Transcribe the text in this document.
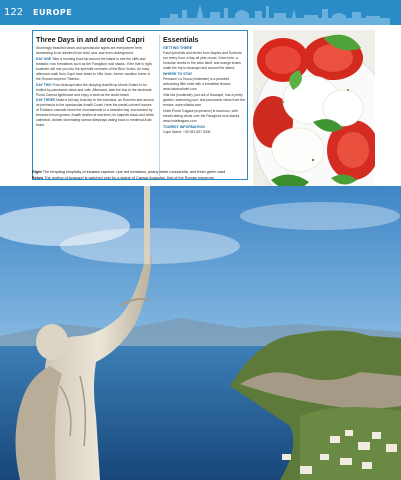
122 EUROPE
Three Days in and around Capri

Stunningly beautiful views and spectacular sights are everywhere here, demanding to be admired from land, sea, and even underground.

DAY ONE Take a morning boat trip around the island to see the cliffs and fantastic rock formations such as the Faraglioni rock stacks. If the tide is right, boatmen will row you into the splendid recesses of the Blue Grotto. An easy afternoon walk from Capri town leads to Villa Jovis, former vacation home of the Roman emperor Tiberius.

DAY TWO From Anacapri take the dizzying chairlift up Monte Solaro to be thrilled by panoramic views and cafe. Afterward, take the bus to the landmark Punta Carena lighthouse and enjoy a swim at the small beach.

DAY THREE Make a full day boat trip to the mainland, as Sorrento and around its peninsula to the spectacular Amalfi Coast. Here the pastel-colored houses of Positano cascade down the mountainside to a beautiful bay, surrounded by terraced lemon groves. Amalfi nestles at sea level, its majestic black-and-white cathedral, cloister dominating narrow alleyways dating back to medieval Arab times.

Essentials
GETTING THERE

Fast hydrofoils and ferries from Naples and Sorrento run every hour, a day all year round. Once here, a funicular climbs to the town itself, and orange buses make the trip to Anacapri and around the island.

WHERE TO STAY

Pensione La Tosca (moderate) is a peaceful, welcoming little hotel with a breakfast terrace. www.latoscahotel.com

Villa Ida (moderate), just out of Anacapri, has a pretty garden, swimming pool, and panoramic views from the terrace. www.villaida.com

Hotel Punta Tragara (expensive) is luxurious, with breath-taking views over the Faraglioni rock stacks. www.hoteltragara.com

TOURIST INFORMATION

Capri Island: +39 081 837 5308

Right The tempting simplicity of insalata caprese: ripe red tomatoes, pearly white mozzarella, and fresh green basil
Below The rooftop of Anacapri is watched over by a statue of Caesar Augustus, first of the Roman emperors
